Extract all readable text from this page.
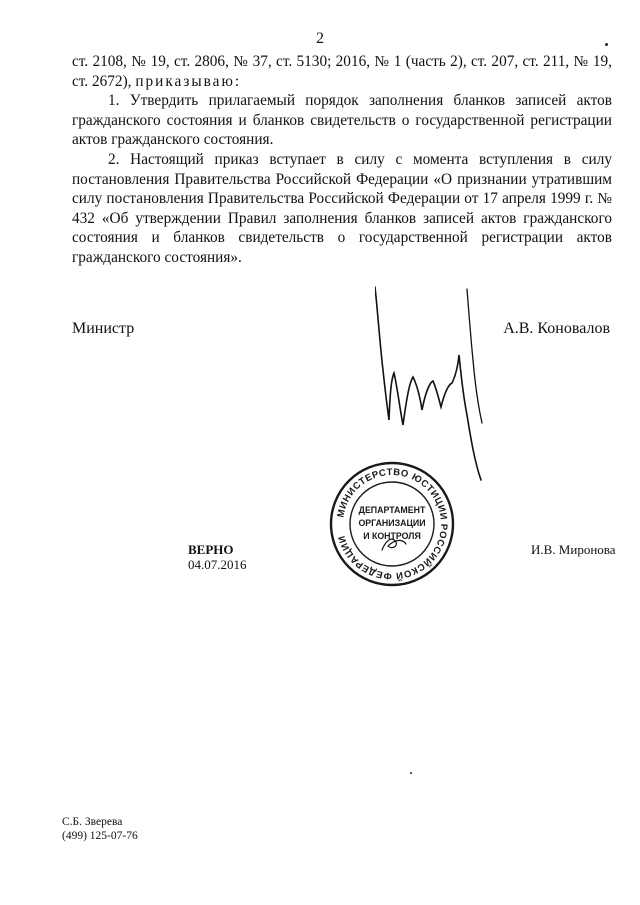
2

ст. 2108, № 19, ст. 2806, № 37, ст. 5130; 2016, № 1 (часть 2), ст. 207, ст. 211, № 19, ст. 2672), приказываю:

1. Утвердить прилагаемый порядок заполнения бланков записей актов гражданского состояния и бланков свидетельств о государственной регистрации актов гражданского состояния.

2. Настоящий приказ вступает в силу с момента вступления в силу постановления Правительства Российской Федерации «О признании утратившим силу постановления Правительства Российской Федерации от 17 апреля 1999 г. № 432 «Об утверждении Правил заполнения бланков записей актов гражданского состояния и бланков свидетельств о государственной регистрации актов гражданского состояния».

Министр	А.В. Коновалов
МИНИСТЕРСТВО ЮСТИЦИИ РОССИЙСКОЙ ФЕДЕРАЦИИ
ДЕПАРТАМЕНТ
ОРГАНИЗАЦИИ
И КОНТРОЛЯ
ВЕРНО
04.07.2016
И.В. Миронова
С.Б. Зверева
(499) 125-07-76
